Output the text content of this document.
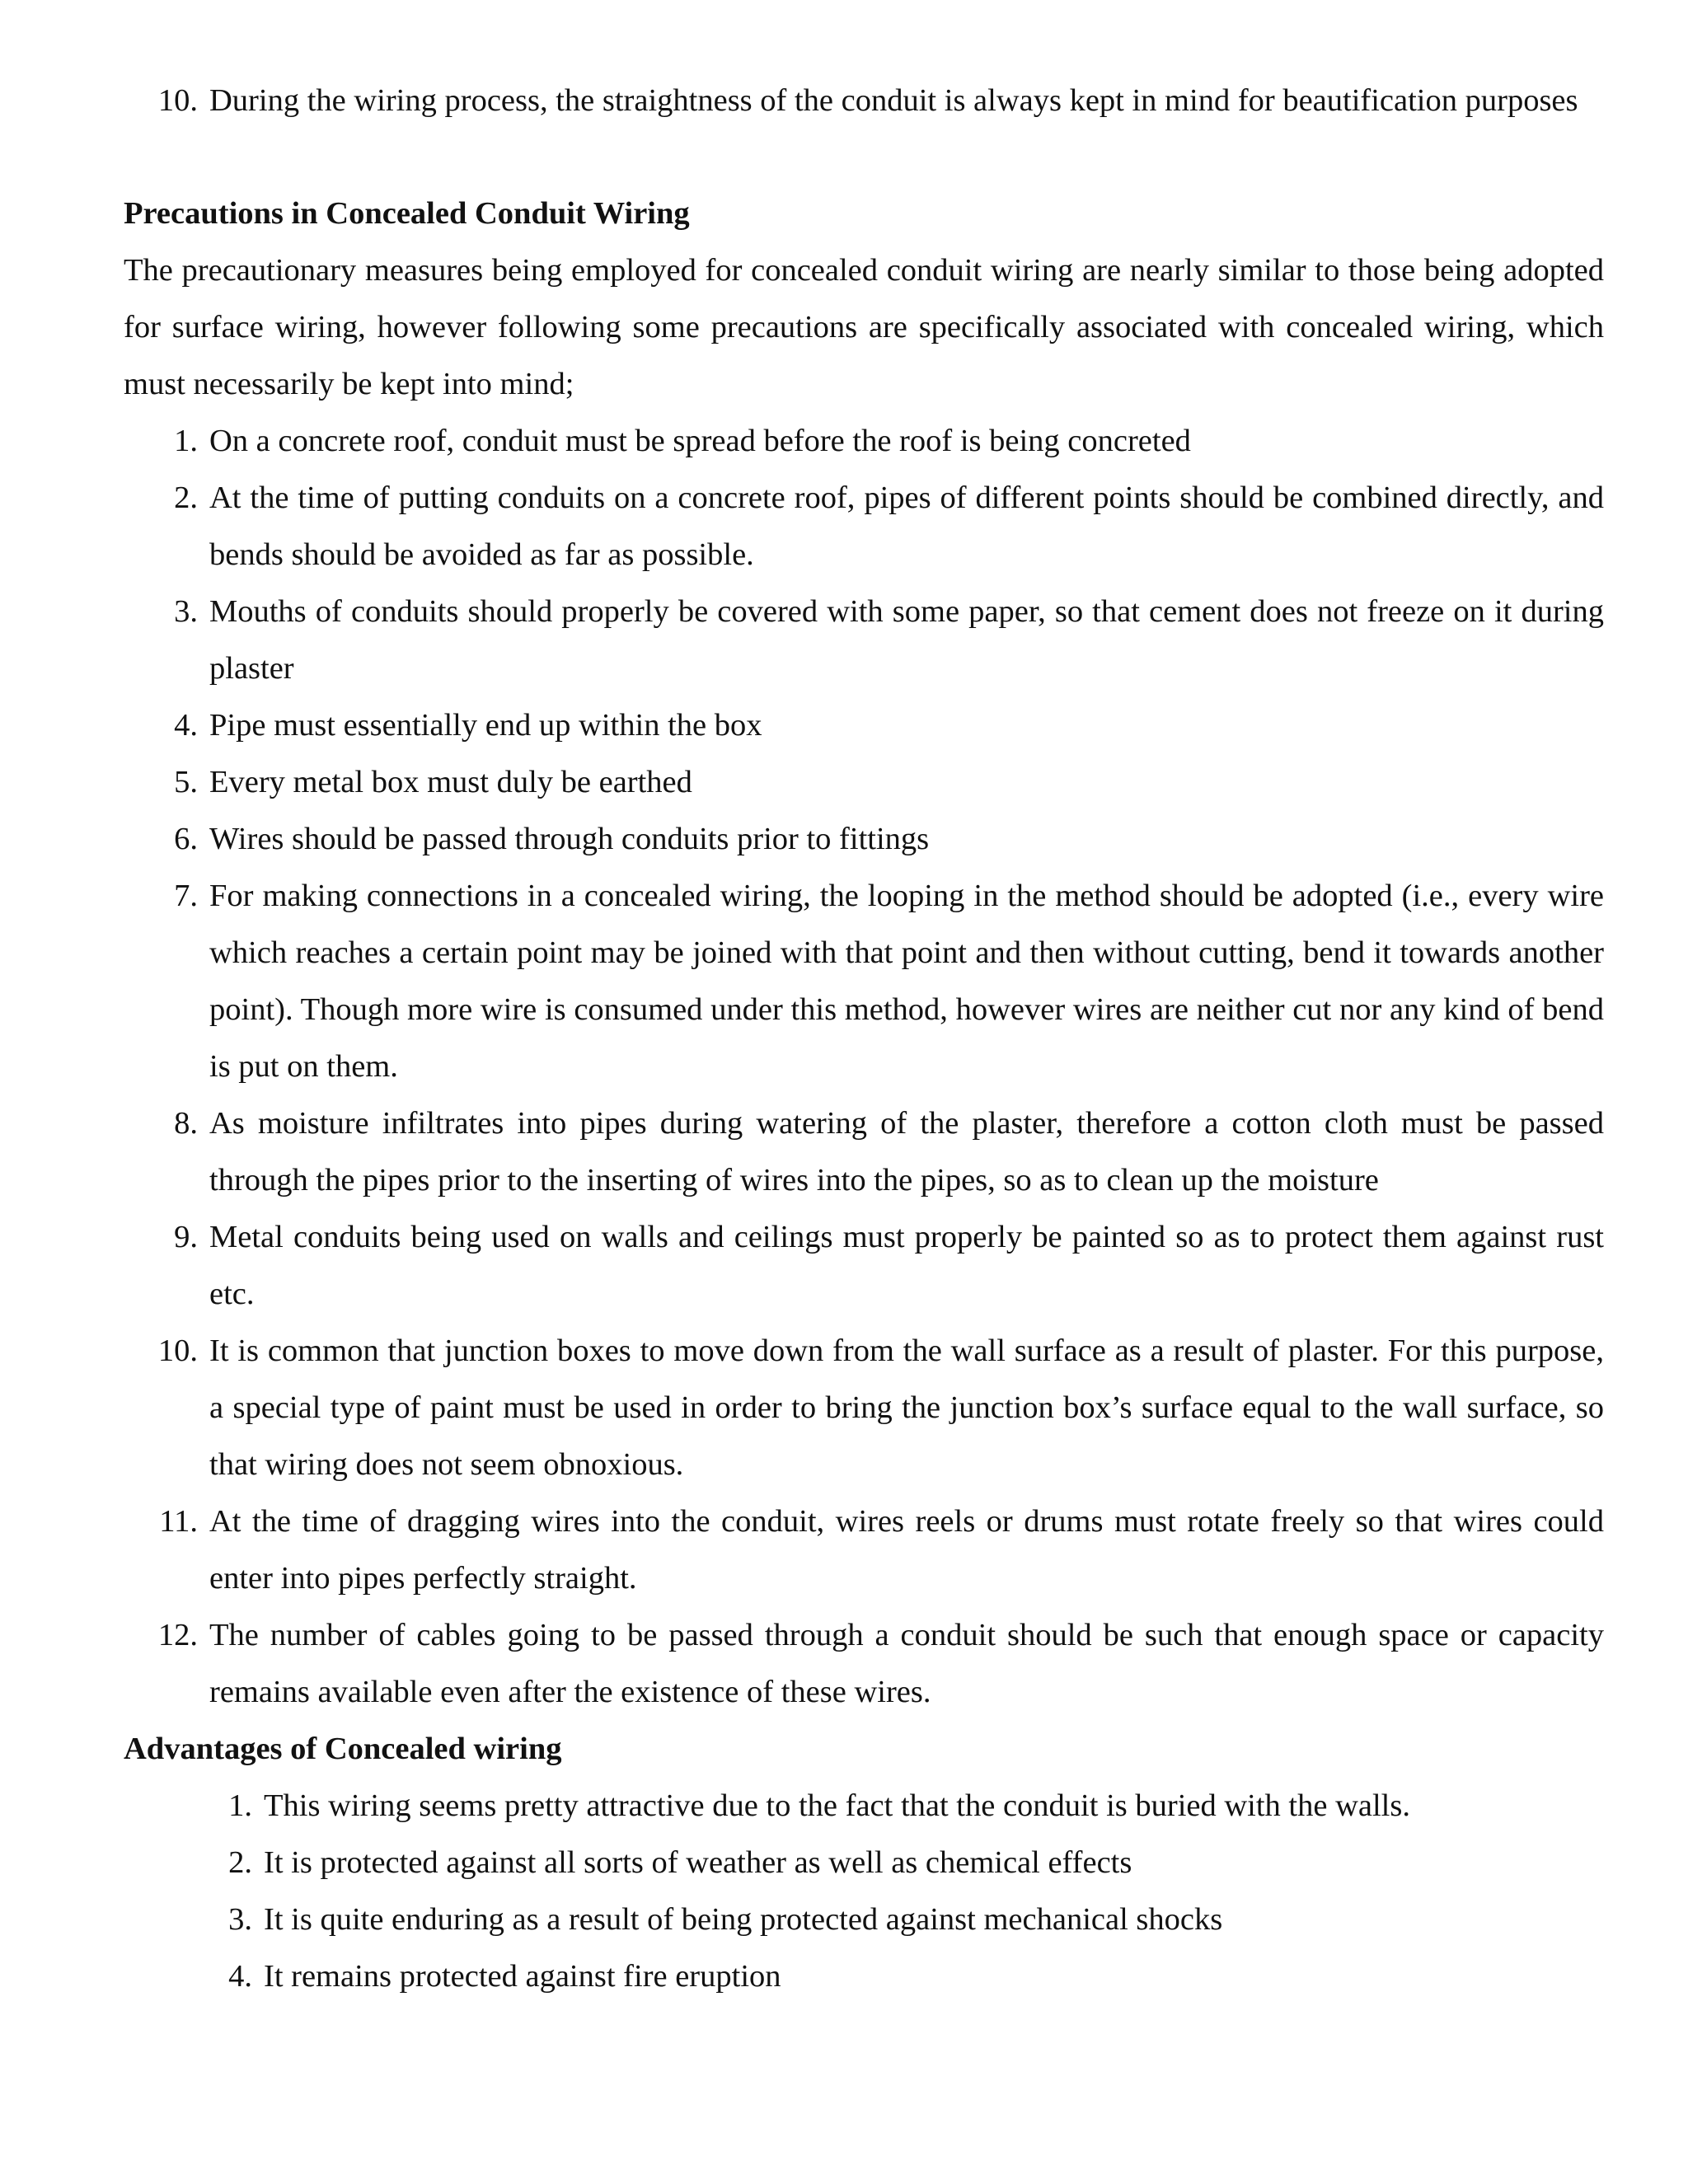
10. During the wiring process, the straightness of the conduit is always kept in mind for beautification purposes
Precautions in Concealed Conduit Wiring
The precautionary measures being employed for concealed conduit wiring are nearly similar to those being adopted for surface wiring, however following some precautions are specifically associated with concealed wiring, which must necessarily be kept into mind;
1. On a concrete roof, conduit must be spread before the roof is being concreted
2. At the time of putting conduits on a concrete roof, pipes of different points should be combined directly, and bends should be avoided as far as possible.
3. Mouths of conduits should properly be covered with some paper, so that cement does not freeze on it during plaster
4. Pipe must essentially end up within the box
5. Every metal box must duly be earthed
6. Wires should be passed through conduits prior to fittings
7. For making connections in a concealed wiring, the looping in the method should be adopted (i.e., every wire which reaches a certain point may be joined with that point and then without cutting, bend it towards another point). Though more wire is consumed under this method, however wires are neither cut nor any kind of bend is put on them.
8. As moisture infiltrates into pipes during watering of the plaster, therefore a cotton cloth must be passed through the pipes prior to the inserting of wires into the pipes, so as to clean up the moisture
9. Metal conduits being used on walls and ceilings must properly be painted so as to protect them against rust etc.
10. It is common that junction boxes to move down from the wall surface as a result of plaster. For this purpose, a special type of paint must be used in order to bring the junction box’s surface equal to the wall surface, so that wiring does not seem obnoxious.
11. At the time of dragging wires into the conduit, wires reels or drums must rotate freely so that wires could enter into pipes perfectly straight.
12. The number of cables going to be passed through a conduit should be such that enough space or capacity remains available even after the existence of these wires.
Advantages of Concealed wiring
1. This wiring seems pretty attractive due to the fact that the conduit is buried with the walls.
2. It is protected against all sorts of weather as well as chemical effects
3. It is quite enduring as a result of being protected against mechanical shocks
4. It remains protected against fire eruption
